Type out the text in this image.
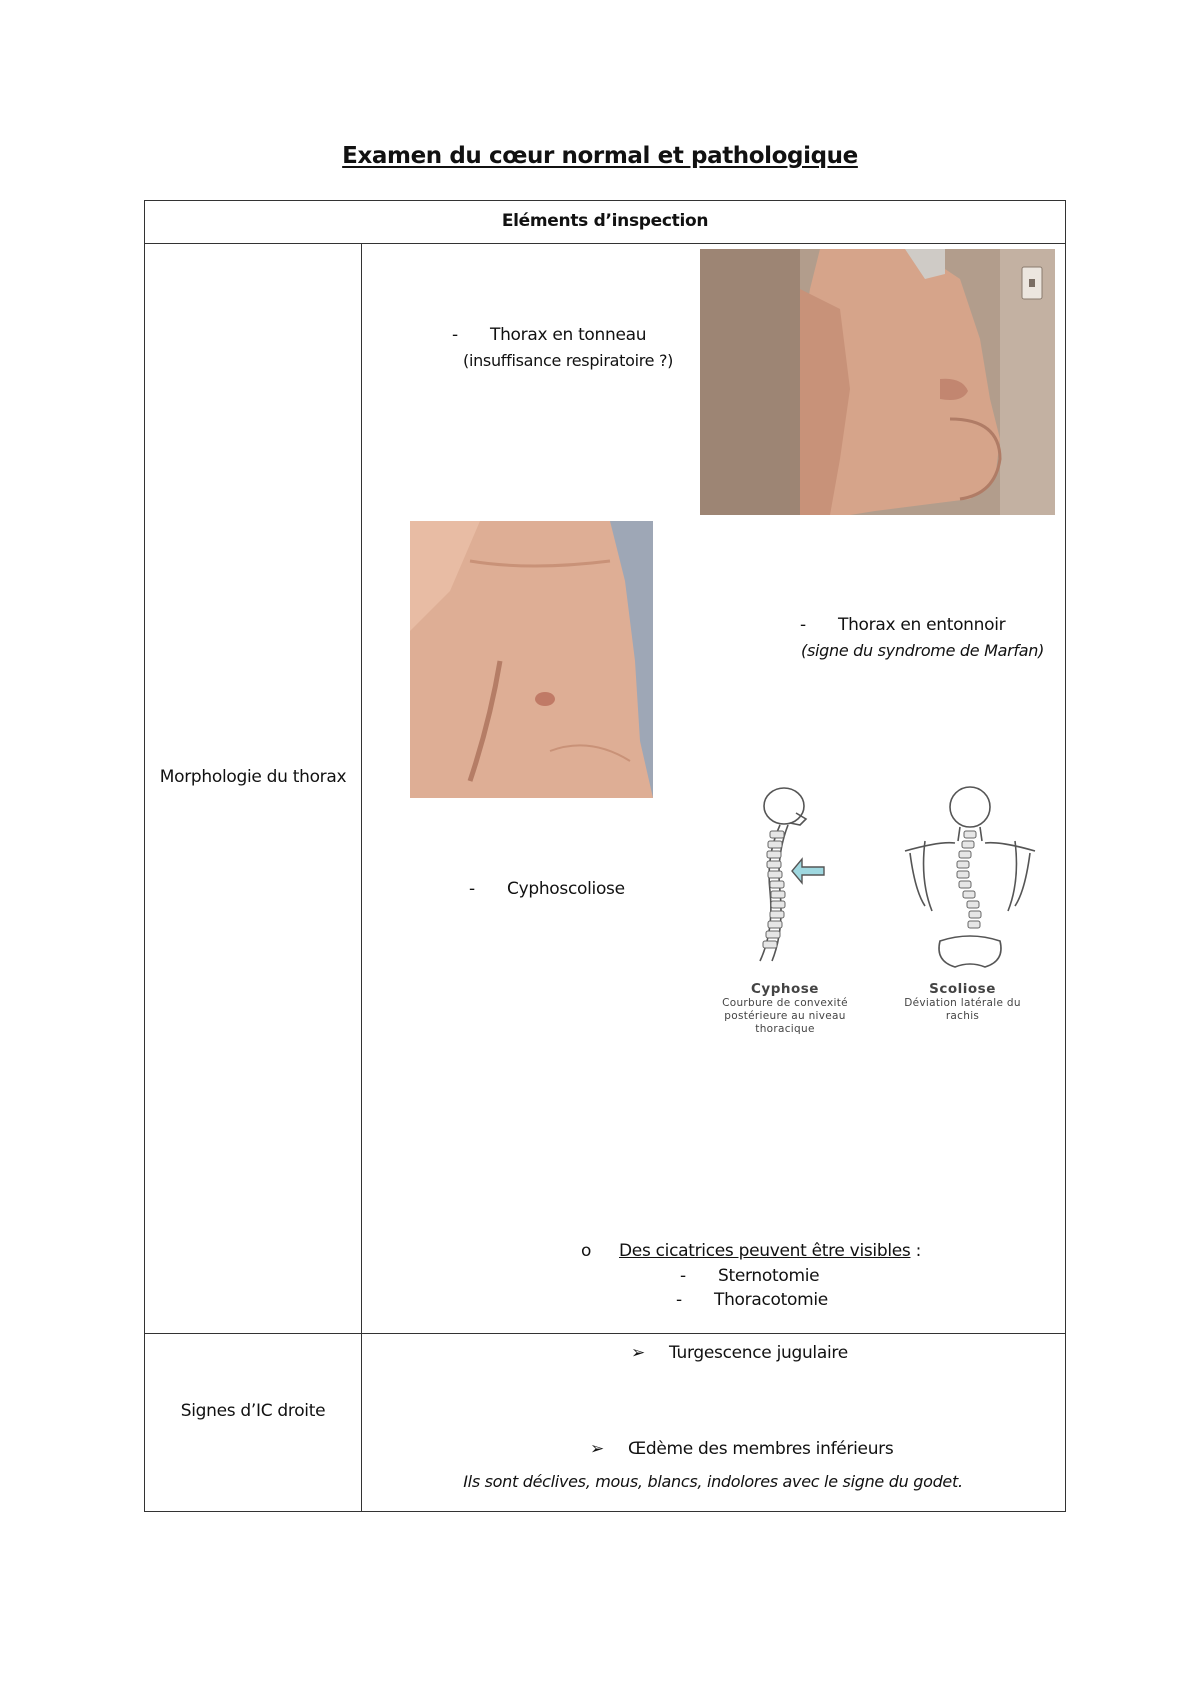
Examen du cœur normal et pathologique
Eléments d’inspection
Morphologie du thorax
- Thorax en tonneau
(insuffisance respiratoire ?)
- Thorax en entonnoir
(signe du syndrome de Marfan)
- Cyphoscoliose
Cyphose
Courbure de convexité
postérieure au niveau
thoracique
Scoliose
Déviation latérale du
rachis
o Des cicatrices peuvent être visibles :
- Sternotomie
- Thoracotomie
Signes d’IC droite
➢ Turgescence jugulaire
➢ Œdème des membres inférieurs
Ils sont déclives, mous, blancs, indolores avec le signe du godet.
